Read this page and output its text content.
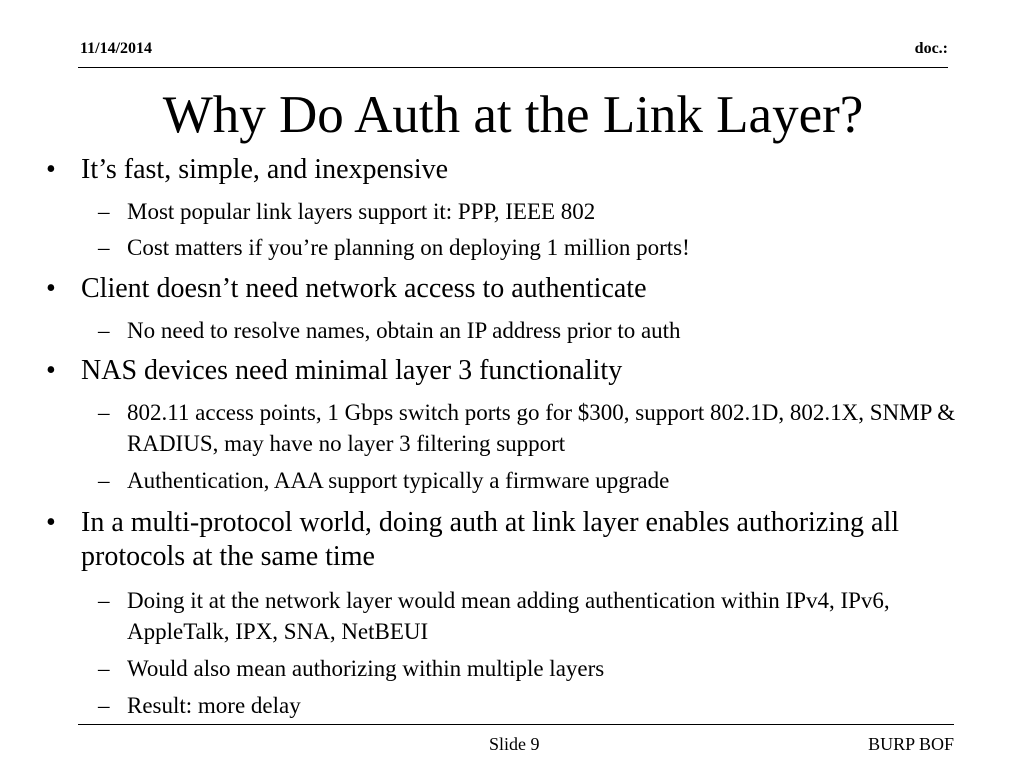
11/14/2014	doc.:
Why Do Auth at the Link Layer?
• It’s fast, simple, and inexpensive
– Most popular link layers support it: PPP, IEEE 802
– Cost matters if you’re planning on deploying 1 million ports!
• Client doesn’t need network access to authenticate
– No need to resolve names, obtain an IP address prior to auth
• NAS devices need minimal layer 3 functionality
– 802.11 access points, 1 Gbps switch ports go for $300, support 802.1D, 802.1X, SNMP & RADIUS, may have no layer 3 filtering support
– Authentication, AAA support typically a firmware upgrade
• In a multi-protocol world, doing auth at link layer enables authorizing all protocols at the same time
– Doing it at the network layer would mean adding authentication within IPv4, IPv6, AppleTalk, IPX, SNA, NetBEUI
– Would also mean authorizing within multiple layers
– Result: more delay
Slide 9	BURP BOF
